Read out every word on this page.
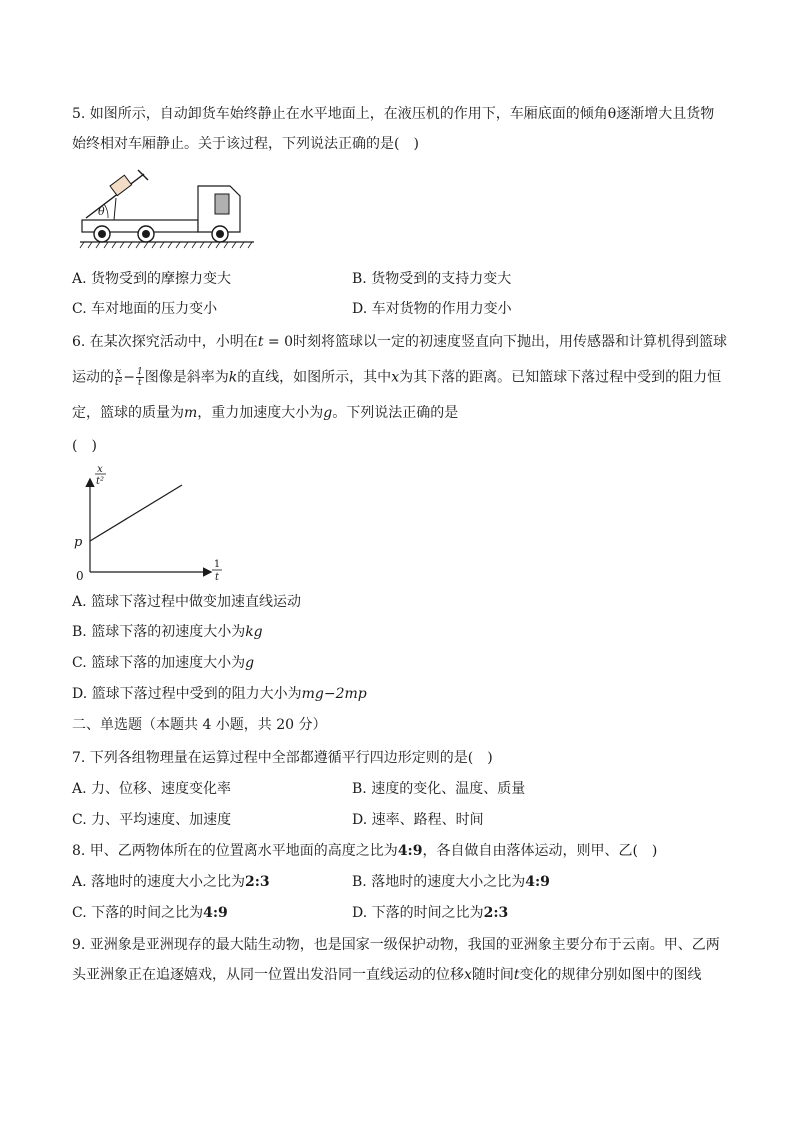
5. 如图所示，自动卸货车始终静止在水平地面上，在液压机的作用下，车厢底面的倾角θ逐渐增大且货物
始终相对车厢静止。关于该过程，下列说法正确的是(　)
θ
A. 货物受到的摩擦力变大	B. 货物受到的支持力变大
C. 车对地面的压力变小	D. 车对货物的作用力变小
6. 在某次探究活动中，小明在t = 0时刻将篮球以一定的初速度竖直向下抛出，用传感器和计算机得到篮球
运动的 $\frac{x}{\text{t²}} - \frac{1}{t}$ 图像是斜率为k的直线，如图所示，其中x为其下落的距离。已知篮球下落过程中受到的阻力恒
定，篮球的质量为m，重力加速度大小为g。下列说法正确的是
(　)
x
t²
1
t
0
p
A. 篮球下落过程中做变加速直线运动
B. 篮球下落的初速度大小为kg
C. 篮球下落的加速度大小为g
D. 篮球下落过程中受到的阻力大小为mg−2mp
二、单选题（本题共 4 小题，共 20 分）
7. 下列各组物理量在运算过程中全部都遵循平行四边形定则的是(　)
A. 力、位移、速度变化率	B. 速度的变化、温度、质量
C. 力、平均速度、加速度	D. 速率、路程、时间
8. 甲、乙两物体所在的位置离水平地面的高度之比为4:9，各自做自由落体运动，则甲、乙(　)
A. 落地时的速度大小之比为2:3	B. 落地时的速度大小之比为4:9
C. 下落的时间之比为4:9	D. 下落的时间之比为2:3
9. 亚洲象是亚洲现存的最大陆生动物，也是国家一级保护动物，我国的亚洲象主要分布于云南。甲、乙两
头亚洲象正在追逐嬉戏，从同一位置出发沿同一直线运动的位移x随时间t变化的规律分别如图中的图线
